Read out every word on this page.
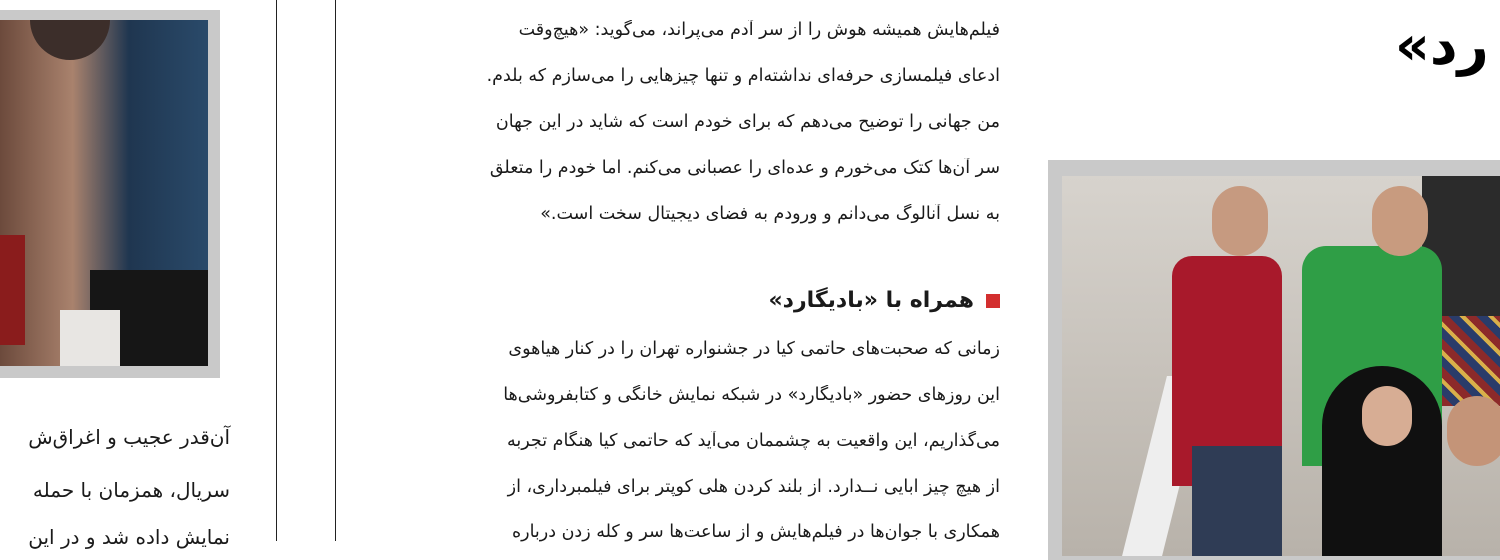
آن‌قدر عجیب و اغراق‌ش
سریال، همزمان با حمله
نمایش داده شد و در این
فیلم‌هایش همیشه هوش را از سر آدم می‌پراند، می‌گوید: «هیچ‌وقت
ادعای فیلمسازی حرفه‌ای نداشته‌ام و تنها چیزهایی را می‌سازم که بلدم.
من جهانی را توضیح می‌دهم که برای خودم است که شاید در این جهان
سر آن‌ها کتک می‌خورم و عده‌ای را عصبانی می‌کنم. اما خودم را متعلق
به نسل آنالوگ می‌دانم و ورودم به فضای دیجیتال سخت است.»
زمانی که صحبت‌های حاتمی کیا در جشنواره تهران را در کنار هیاهوی
این روزهای حضور «بادیگارد» در شبکه نمایش خانگی و کتابفروشی‌ها
می‌گذاریم، این واقعیت به چشممان می‌آید که حاتمی کیا هنگام تجربه
از هیچ چیز ابایی نــدارد. از بلند کردن هلی کوپتر برای فیلمبرداری، از
همکاری با جوان‌ها در فیلم‌هایش و از ساعت‌ها سر و کله زدن درباره
همراه با «بادیگارد»
رد»
